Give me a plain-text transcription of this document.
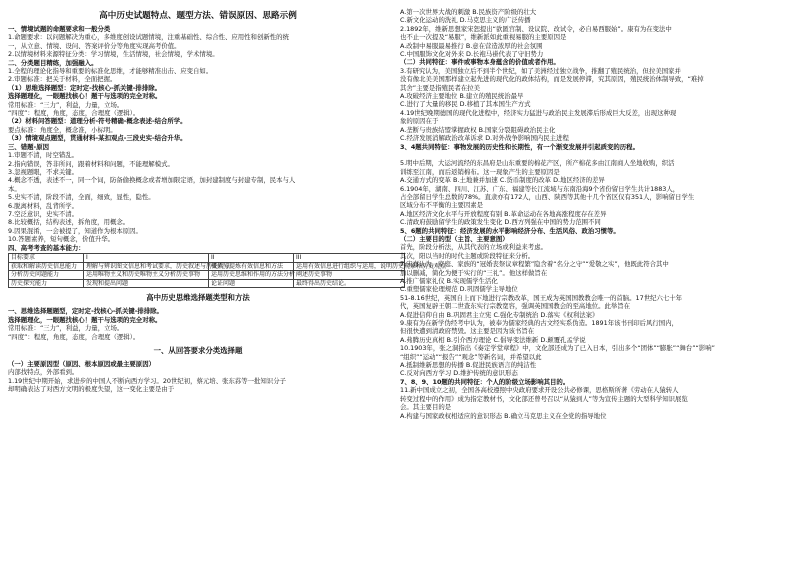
高中历史试题特点、题型方法、错误原因、思路示例
一、情境试题的命题要求和一般分类
1.命题要求：以问题解决为重心，多维度创设试题情境，注重基础性、综合性、应用性和创新性的统
一，从立意、情境、设问、答案评价分等角度实现高考价值。
2.以情境材料来源特征分类：学习情境，生活情境，社会情境，学术情境。
二、分类题目精练，加强融入。
1.全程的理论化指导和重要的标准化思维，才能够精准出击、应变自如。
2.审题标准：把关于材料，全面把握。
（1）思维选择题型：定时定-找核心-抓关键-排排除。
选择题理化，一眼题找核心！题干与选项的完全对称。
常用标准：“三力”，利益，力量，立场。
“四度”：程度，角度，态度，合理度（逻辑）。
（2）材料问答题型：道理分析-符号精确-概念表述-结合所学。
要点标准：角度全，概念准，小标明。
（3）情境观点题型，贯通材料-某扣观点-三段史实-结合升华。
三、错题-原因
1.审题不清，时空错乱。
2.指向错误，答非所问，跟着材料和问题，不能理解模式。
3.忽视题眼，不求关键。
4.概念不透，表述不一，同一个词，防备偷换概念或者增加限定语，加封建制度与封建专制，民本与人
本。
5.史实不清，阶段不清，全面，细致，显性，隐性。
6.脱离材料，乱背所学。
7.空泛意识，史实不清。
8.比较概括，结构表述，拆角度，用概念。
9.因果混淆，一会被提了，知道作为根本原因。
10.答题素养，短句概念，价值升华。
四、高考考查的基本能力：
目标要求	I	II	III
获取和解读历史信息能力	理解与辨识图文信息和考试要求，历史叙述与历史观点	概括与提炼有效信息和方法	运用有效信息进行组织与运用，说明历史现象和历史观点
分析历史问题能力	运用唯物主义和历史唯物主义分析历史事物	运用历史思维和作用的方法分析	阐述历史事物
历史探究能力	发现和提出问题	论证问题	最终得出历史结论。
高中历史思维选择题类型和方法
一、思维选择题题型，定时定-找核心-抓关键-排排除。
选择题理化，一眼题找核心！题干与选项的完全对称。
常用标准：“三力”，利益，力量，立场。
“四度”：程度，角度，态度，合理度（逻辑）。
一、从回答要求分类选择题
（一）主要原因型（原因、根本原因或最主要原因）
内部找特点，外部看到。
1.19世纪中期开始，求进步的中国人不断向西方学习。20世纪初，蔡元培、张东荪等一批知识分子
却明确表达了对西方文明的极度失望，这一变化主要是由于
A.第一次世界大战的刺激 B.民族资产阶级的壮大
C.新文化运动的洗礼 D.马克思主义的广泛传播
2.1892年，维新思想家宋恕提出“欲匿宫制、设议院、改试令，必自易西服始”。康有为在变法中
也不止一次提及“易服”，维新派如此重视易服的主要原因是
A.改制中易服最易推行 B.意在营造浓厚的社会氛围
C.中国服饰文化对外来 D.长袍马褂代表了守旧势力
（二）共同特征：事件或事物本身蕴含的价值或者作用。
3.有研究认为，美国独立后不到半个世纪，如了美洲经过独立战争，推翻了殖民统治，但拉美国家并
没有像北美美国那样建立起先进的现代化的政体结构，而是发展停滞，究其原因，殖民统治体制导致，“难掉
其舍”主要是指殖民者在拉美
A.攻破经济主要地位 B.建立的殖民统治最早
C.进行了大量的移民 D.移植了其本国生产方式
4.19世纪晚期德国的现代化进程中，经济实力猛进与政治民主发展滞后形成巨大反差，出现这种现
象的原因在于
A.垄断与贵族结盟掌握政权 B.国家分裂阻碍政治民主化
C.经济发展消解政治改革诉求 D.对外战争影响国内民主进程
3、4题共同特征：事物发展的历史性和长期性，有一个渐变发展并引起质变的历程。

5.明中后期，大运河流经的东昌府是山东重要的棉花产区，所产棉花多由江南商人坐地收购，织活
训练至江南，而后返销棉布。这一现象产生的主要原因是
A.交通方式的变革 B.土地兼并加速 C.货币制度的改革 D.地区经济的差异
6.1904年，湖南、四川、江苏、广东、福建等长江流域与东南沿海9个省份留日学生共计1883人，
占全部留日学生总数的78%。直隶亦有172人，山西、陕西等其他十几个省区仅有351人，影响留日学生
区域分布不平衡的主要因素是
A.地区经济文化水平与开放程度有别 B.革命运动在各地高涨程度存在差异
C.清政府鼓励留学生的政策发生变化 D.西方列强在中国的势力范围不同
5、6题的共同特征：经济发展的水平影响经济分布、生活风俗、政治习惯等。
（二）主要目的型（主旨、主要意图）
首先，阶段分析法，从其代表的立场或利益来考虑。
其次，阳以当时的时代主题或阶段特征来分析。
7.宋嘉认为，家庭、家族的“冠婚丧祭议章程繁”隐含着“名分之守”“爱敬之实”，他既此符合其中
加以删减，简化为便于实行的“三礼”。他这样做旨在
A.推广儒家礼仪 B.实现儒学生活化
C.重塑儒家伦理规范 D.巩固儒学主导地位
51-8.16世纪，英国自上而下地进行宗教改革，国王成为英国国教教会唯一的首脑。17世纪六七十年
代，英国复辟王朝二世查东实行宗教宽容，强调英国国教会的至高地位。此举旨在
A.促进信仰自由 B.巩固君主立宪 C.强化专制统治 D.落实《权利法案》
9.康有为在新学伪经考中认为，被奉为儒家经典的古文经实系伪造。1891年该书刊印后风行国内，
但很快遭到清政府禁毁。这主要是因为该书旨在
A.弗腾历史真相 B.引介西方理论 C.倡导变法维新 D.颠覆孔孟学说
10.1903年，张之洞指出《奏定学堂章程》中，文化部还成为了已入日本，引出多个“团体”“膨胀”“舞台”“影响”
“组织”“运动”“报告”“观念”等新名词，并希望以此
A.抵制维新思想的传播 B.促进民族语言的纯洁性
C.反对向西方学习 D.维护传统的意识形态
7、8、9、10题的共同特征：个人的阶级立场影响其目的。
11.新中国成立之初，全国各高校遵照中央政府要求开设公共必修课，思格斯所著《劳动在人猿转人
转变过程中的作用》成为指定教材书，文化部还曾号召以“从猿到人”等为宣传主题的大型科学知识展览
会。其主要目的是
A.构建与国家政权相适应的意识形态 B.确立马克思主义在全党的指导地位
